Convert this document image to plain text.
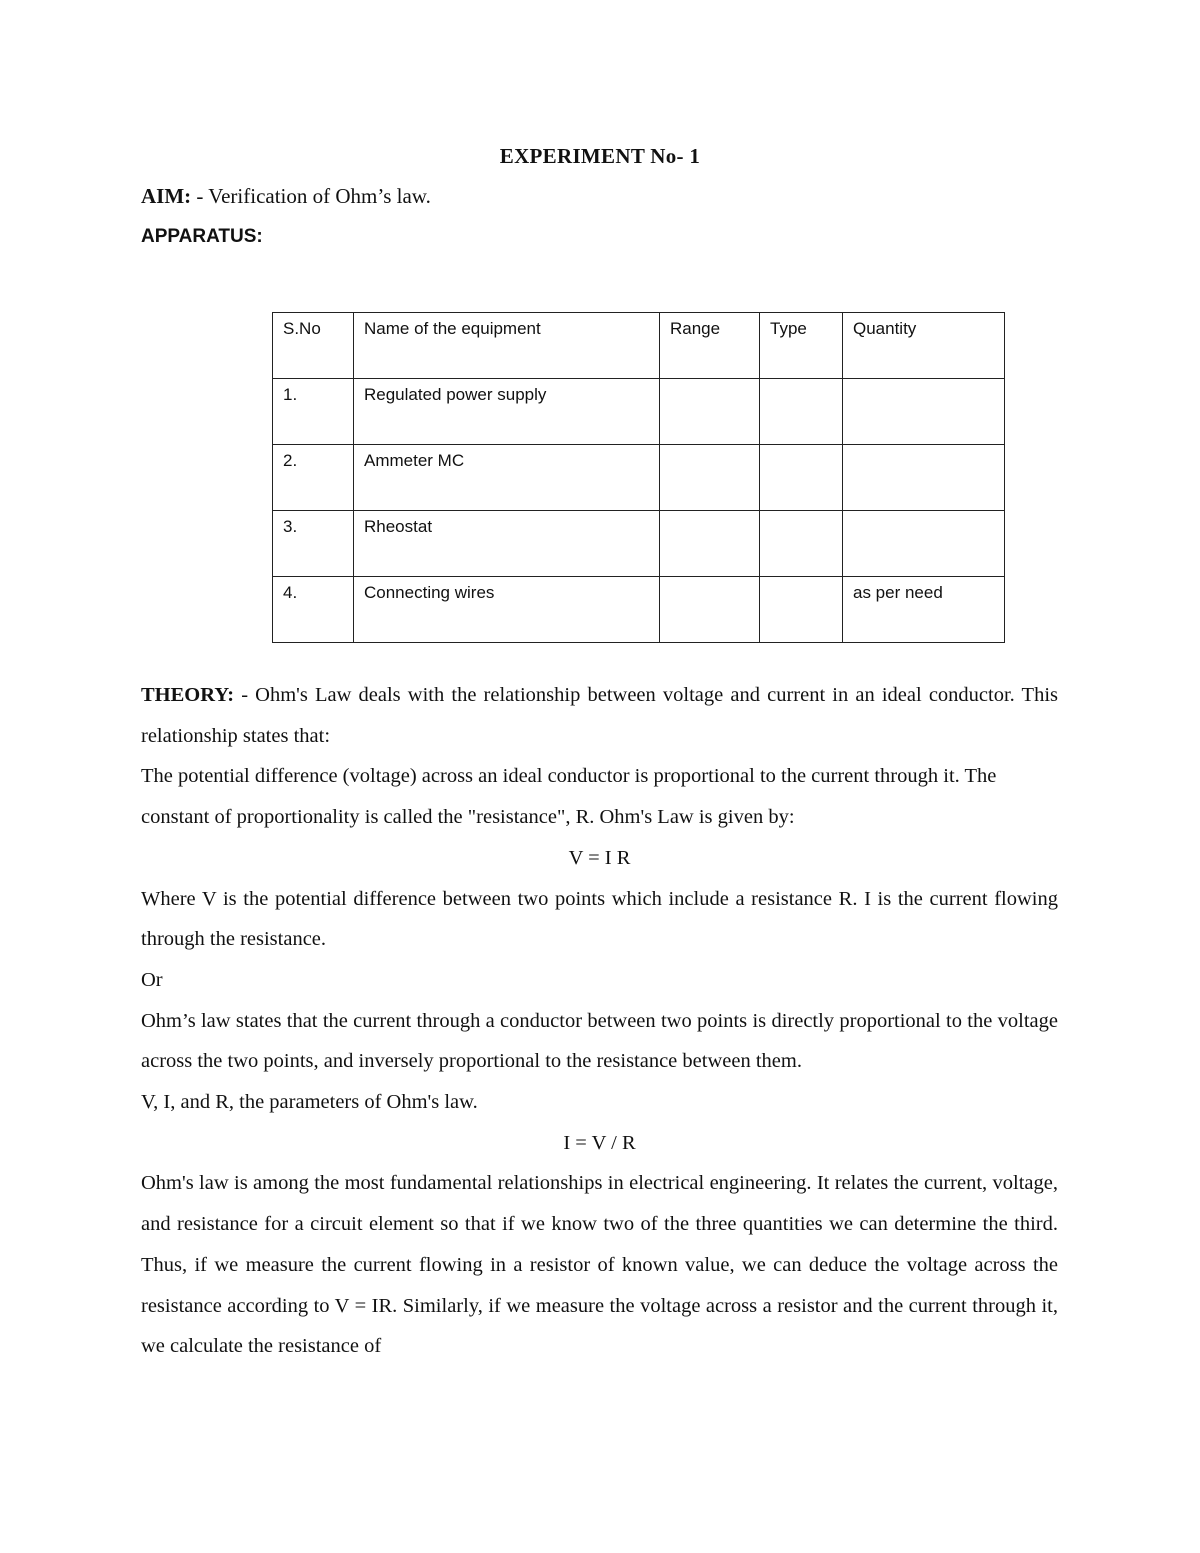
EXPERIMENT No- 1
AIM: - Verification of Ohm’s law.
APPARATUS:
S.No	Name of the equipment	Range	Type	Quantity
1.	Regulated power supply			
2.	Ammeter MC			
3.	Rheostat			
4.	Connecting wires			as per need

THEORY: - Ohm's Law deals with the relationship between voltage and current in an ideal conductor. This relationship states that:

The potential difference (voltage) across an ideal conductor is proportional to the current through it. The constant of proportionality is called the "resistance", R. Ohm's Law is given by:

V = I R

Where V is the potential difference between two points which include a resistance R. I is the current flowing through the resistance.

Or

Ohm’s law states that the current through a conductor between two points is directly proportional to the voltage across the two points, and inversely proportional to the resistance between them.

V, I, and R, the parameters of Ohm's law.

I = V / R

Ohm's law is among the most fundamental relationships in electrical engineering. It relates the current, voltage, and resistance for a circuit element so that if we know two of the three quantities we can determine the third. Thus, if we measure the current flowing in a resistor of known value, we can deduce the voltage across the resistance according to V = IR. Similarly, if we measure the voltage across a resistor and the current through it, we calculate the resistance of
